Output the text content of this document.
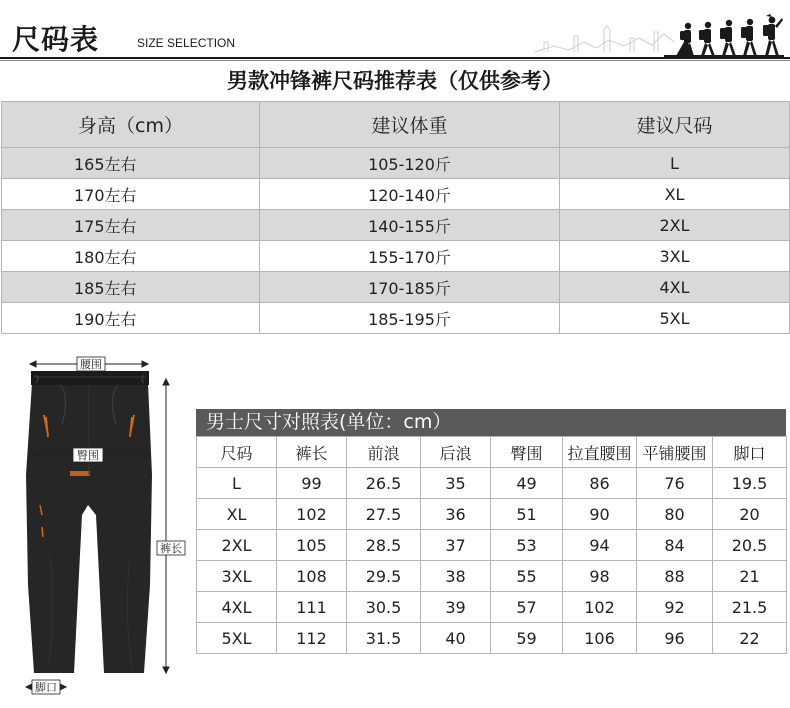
尺码表	SIZE SELECTION
男款冲锋裤尺码推荐表（仅供参考）
身高（cm）	建议体重	建议尺码
165左右	105-120斤	L
170左右	120-140斤	XL
175左右	140-155斤	2XL
180左右	155-170斤	3XL
185左右	170-185斤	4XL
190左右	185-195斤	5XL
腰围
臀围
裤长
脚口
男士尺寸对照表(单位：cm）
尺码	裤长	前浪	后浪	臀围	拉直腰围	平铺腰围	脚口
L	99	26.5	35	49	86	76	19.5
XL	102	27.5	36	51	90	80	20
2XL	105	28.5	37	53	94	84	20.5
3XL	108	29.5	38	55	98	88	21
4XL	111	30.5	39	57	102	92	21.5
5XL	112	31.5	40	59	106	96	22
